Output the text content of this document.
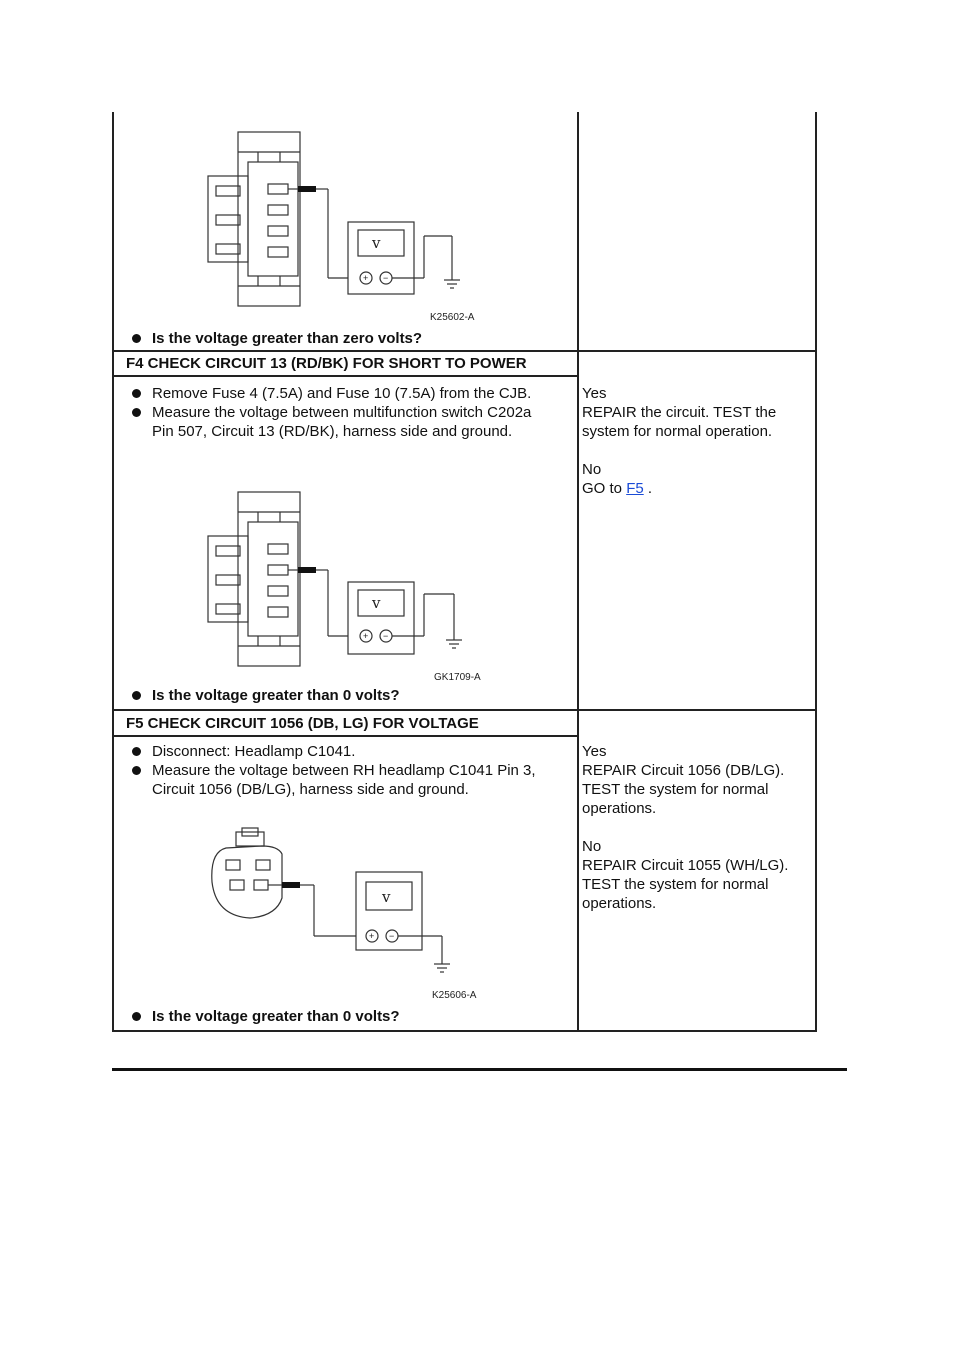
v
+ −
K25602-A
Is the voltage greater than zero volts?
F4 CHECK CIRCUIT 13 (RD/BK) FOR SHORT TO POWER
Remove Fuse 4 (7.5A) and Fuse 10 (7.5A) from the CJB.
Measure the voltage between multifunction switch C202a Pin 507, Circuit 13 (RD/BK), harness side and ground.
v
+ −
GK1709-A
Is the voltage greater than 0 volts?
Yes
REPAIR the circuit. TEST the system for normal operation.
No
GO to F5 .
F5 CHECK CIRCUIT 1056 (DB, LG) FOR VOLTAGE
Disconnect: Headlamp C1041.
Measure the voltage between RH headlamp C1041 Pin 3, Circuit 1056 (DB/LG), harness side and ground.
v
+ −
K25606-A
Is the voltage greater than 0 volts?
Yes
REPAIR Circuit 1056 (DB/LG). TEST the system for normal operations.
No
REPAIR Circuit 1055 (WH/LG). TEST the system for normal operations.
